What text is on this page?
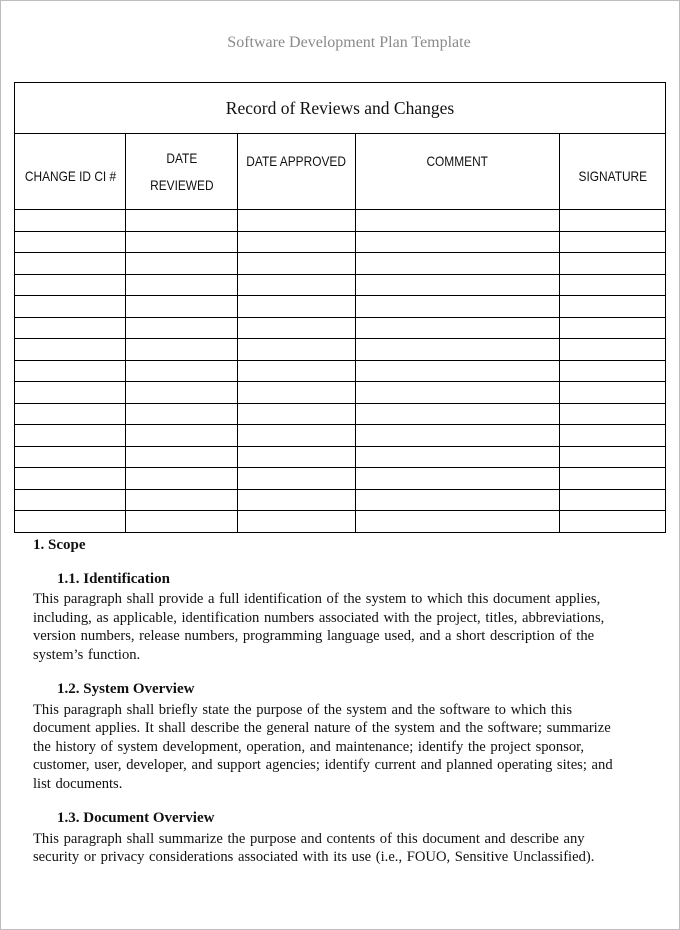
Software Development Plan Template
Record of Reviews and Changes				
CHANGE ID CI #	DATE REVIEWED	DATE APPROVED	COMMENT	SIGNATURE

1. Scope
1.1. Identification

This paragraph shall provide a full identification of the system to which this document applies, including, as applicable, identification numbers associated with the project, titles, abbreviations, version numbers, release numbers, programming language used, and a short description of the system’s function.

1.2. System Overview

This paragraph shall briefly state the purpose of the system and the software to which this document applies. It shall describe the general nature of the system and the software; summarize the history of system development, operation, and maintenance; identify the project sponsor, customer, user, developer, and support agencies; identify current and planned operating sites; and list documents.

1.3. Document Overview

This paragraph shall summarize the purpose and contents of this document and describe any security or privacy considerations associated with its use (i.e., FOUO, Sensitive Unclassified).
